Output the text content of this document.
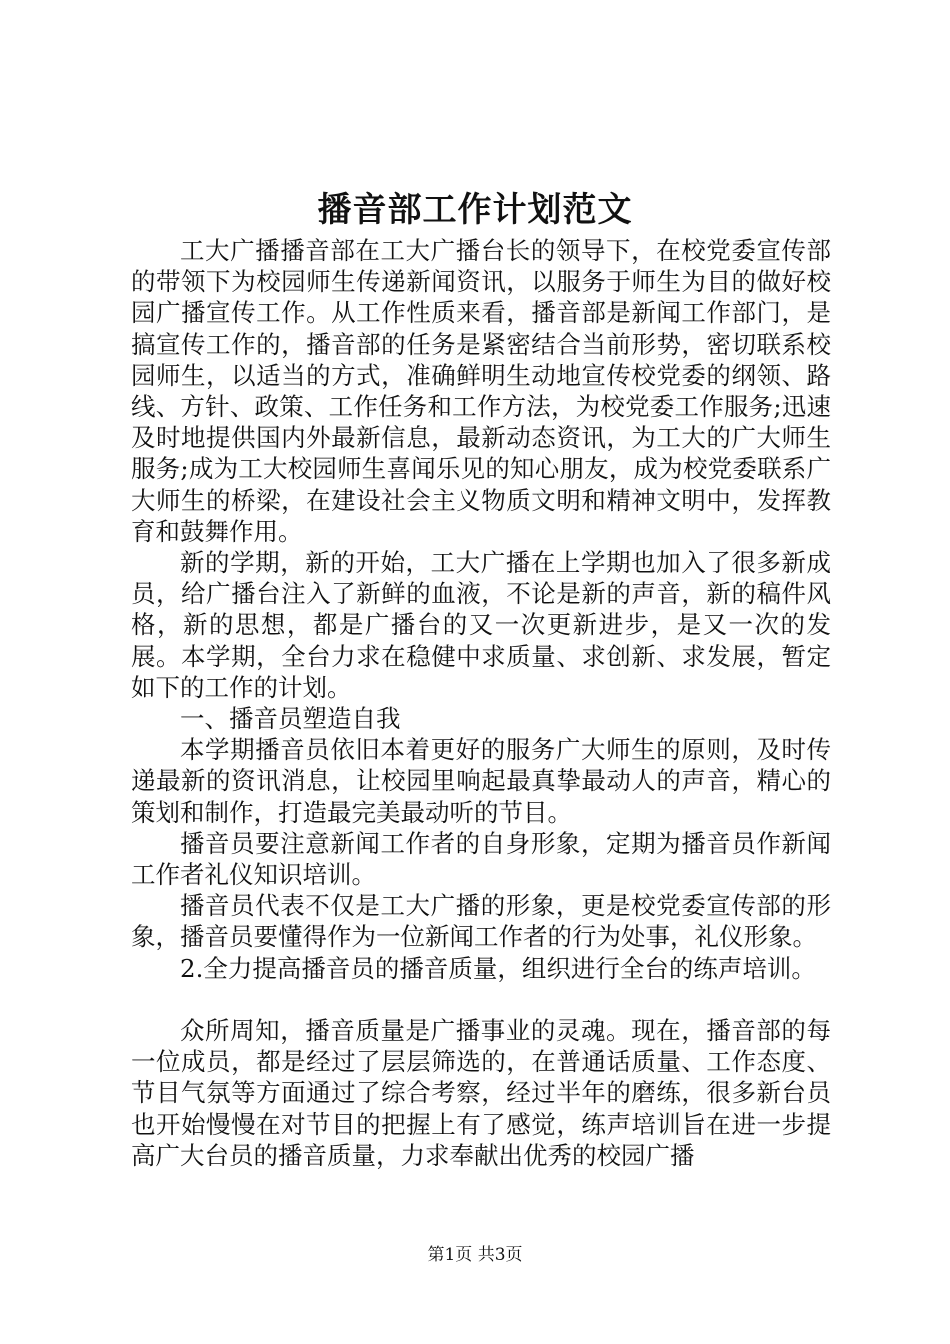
播音部工作计划范文

工大广播播音部在工大广播台长的领导下，在校党委宣传部的带领下为校园师生传递新闻资讯，以服务于师生为目的做好校园广播宣传工作。从工作性质来看，播音部是新闻工作部门，是搞宣传工作的，播音部的任务是紧密结合当前形势，密切联系校园师生，以适当的方式，准确鲜明生动地宣传校党委的纲领、路线、方针、政策、工作任务和工作方法，为校党委工作服务;迅速及时地提供国内外最新信息，最新动态资讯，为工大的广大师生服务;成为工大校园师生喜闻乐见的知心朋友，成为校党委联系广大师生的桥梁，在建设社会主义物质文明和精神文明中，发挥教育和鼓舞作用。

新的学期，新的开始，工大广播在上学期也加入了很多新成员，给广播台注入了新鲜的血液，不论是新的声音，新的稿件风格，新的思想，都是广播台的又一次更新进步，是又一次的发展。本学期，全台力求在稳健中求质量、求创新、求发展，暂定如下的工作的计划。

一、播音员塑造自我

本学期播音员依旧本着更好的服务广大师生的原则，及时传递最新的资讯消息，让校园里响起最真挚最动人的声音，精心的策划和制作，打造最完美最动听的节目。

播音员要注意新闻工作者的自身形象，定期为播音员作新闻工作者礼仪知识培训。

播音员代表不仅是工大广播的形象，更是校党委宣传部的形象，播音员要懂得作为一位新闻工作者的行为处事，礼仪形象。

2.全力提高播音员的播音质量，组织进行全台的练声培训。

众所周知，播音质量是广播事业的灵魂。现在，播音部的每一位成员，都是经过了层层筛选的，在普通话质量、工作态度、节目气氛等方面通过了综合考察，经过半年的磨练，很多新台员也开始慢慢在对节目的把握上有了感觉，练声培训旨在进一步提高广大台员的播音质量，力求奉献出优秀的校园广播

第1页 共3页
